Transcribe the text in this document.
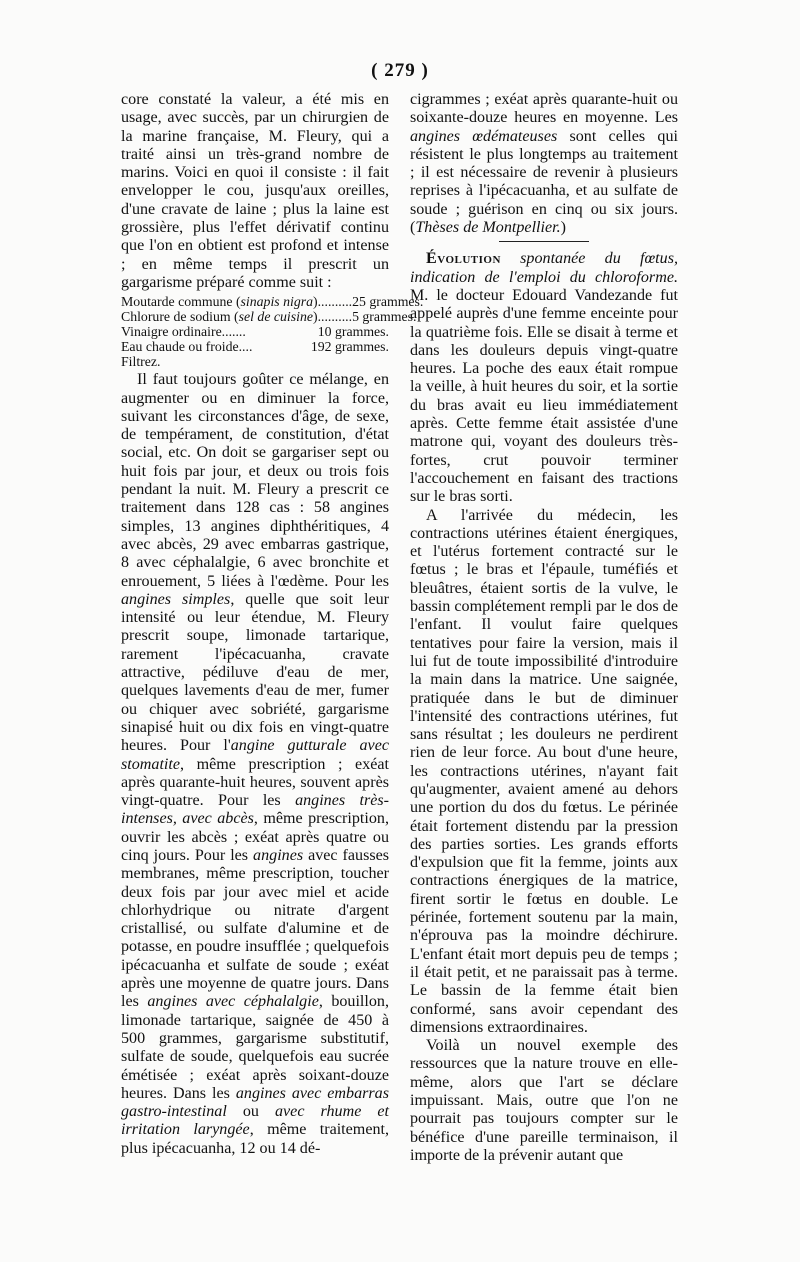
( 279 )

core constaté la valeur, a été mis en usage, avec succès, par un chirurgien de la marine française, M. Fleury, qui a traité ainsi un très-grand nombre de marins. Voici en quoi il consiste : il fait envelopper le cou, jusqu'aux oreilles, d'une cravate de laine ; plus la laine est grossière, plus l'effet dérivatif continu que l'on en obtient est profond et intense ; en même temps il prescrit un gargarisme préparé comme suit :

Moutarde commune (sinapis nigra).......... 25 grammes.
Chlorure de sodium (sel de cuisine).......... 5 grammes.
Vinaigre ordinaire.......	10 grammes.
Eau chaude ou froide....	192 grammes.
Filtrez.

Il faut toujours goûter ce mélange, en augmenter ou en diminuer la force, suivant les circonstances d'âge, de sexe, de tempérament, de constitution, d'état social, etc. On doit se gargariser sept ou huit fois par jour, et deux ou trois fois pendant la nuit. M. Fleury a prescrit ce traitement dans 128 cas : 58 angines simples, 13 angines diphthéritiques, 4 avec abcès, 29 avec embarras gastrique, 8 avec céphalalgie, 6 avec bronchite et enrouement, 5 liées à l'œdème. Pour les angines simples, quelle que soit leur intensité ou leur étendue, M. Fleury prescrit soupe, limonade tartarique, rarement l'ipécacuanha, cravate attractive, pédiluve d'eau de mer, quelques lavements d'eau de mer, fumer ou chiquer avec sobriété, gargarisme sinapisé huit ou dix fois en vingt-quatre heures. Pour l'angine gutturale avec stomatite, même prescription ; exéat après quarante-huit heures, souvent après vingt-quatre. Pour les angines très-intenses, avec abcès, même prescription, ouvrir les abcès ; exéat après quatre ou cinq jours. Pour les angines avec fausses membranes, même prescription, toucher deux fois par jour avec miel et acide chlorhydrique ou nitrate d'argent cristallisé, ou sulfate d'alumine et de potasse, en poudre insufflée ; quelquefois ipécacuanha et sulfate de soude ; exéat après une moyenne de quatre jours. Dans les angines avec céphalalgie, bouillon, limonade tartarique, saignée de 450 à 500 grammes, gargarisme substitutif, sulfate de soude, quelquefois eau sucrée émétisée ; exéat après soixant-douze heures. Dans les angines avec embarras gastro-intestinal ou avec rhume et irritation laryngée, même traitement, plus ipécacuanha, 12 ou 14 dé-

cigrammes ; exéat après quarante-huit ou soixante-douze heures en moyenne. Les angines œdémateuses sont celles qui résistent le plus longtemps au traitement ; il est nécessaire de revenir à plusieurs reprises à l'ipécacuanha, et au sulfate de soude ; guérison en cinq ou six jours. (Thèses de Montpellier.)

Évolution spontanée du fœtus, indication de l'emploi du chloroforme. M. le docteur Edouard Vandezande fut appelé auprès d'une femme enceinte pour la quatrième fois. Elle se disait à terme et dans les douleurs depuis vingt-quatre heures. La poche des eaux était rompue la veille, à huit heures du soir, et la sortie du bras avait eu lieu immédiatement après. Cette femme était assistée d'une matrone qui, voyant des douleurs très-fortes, crut pouvoir terminer l'accouchement en faisant des tractions sur le bras sorti.

A l'arrivée du médecin, les contractions utérines étaient énergiques, et l'utérus fortement contracté sur le fœtus ; le bras et l'épaule, tuméfiés et bleuâtres, étaient sortis de la vulve, le bassin complétement rempli par le dos de l'enfant. Il voulut faire quelques tentatives pour faire la version, mais il lui fut de toute impossibilité d'introduire la main dans la matrice. Une saignée, pratiquée dans le but de diminuer l'intensité des contractions utérines, fut sans résultat ; les douleurs ne perdirent rien de leur force. Au bout d'une heure, les contractions utérines, n'ayant fait qu'augmenter, avaient amené au dehors une portion du dos du fœtus. Le périnée était fortement distendu par la pression des parties sorties. Les grands efforts d'expulsion que fit la femme, joints aux contractions énergiques de la matrice, firent sortir le fœtus en double. Le périnée, fortement soutenu par la main, n'éprouva pas la moindre déchirure. L'enfant était mort depuis peu de temps ; il était petit, et ne paraissait pas à terme. Le bassin de la femme était bien conformé, sans avoir cependant des dimensions extraordinaires.

Voilà un nouvel exemple des ressources que la nature trouve en elle-même, alors que l'art se déclare impuissant. Mais, outre que l'on ne pourrait pas toujours compter sur le bénéfice d'une pareille terminaison, il importe de la prévenir autant que
